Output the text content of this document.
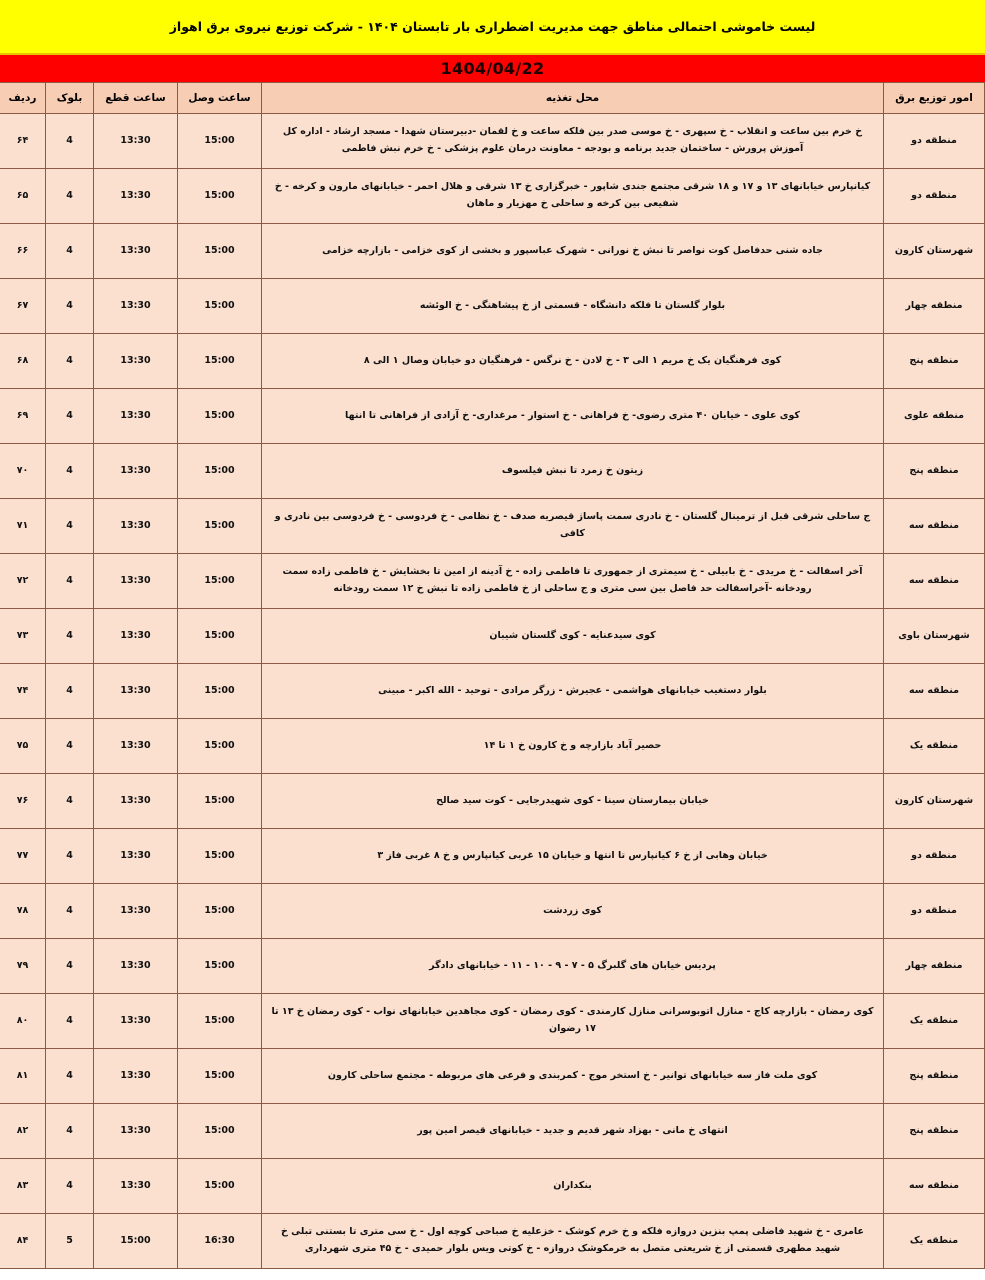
لیست خاموشی احتمالی مناطق جهت مدیریت اضطراری بار تابستان ۱۴۰۴ - شرکت توزیع نیروی برق اهواز
1404/04/22
امور توزیع برق	محل تغذیه	ساعت وصل	ساعت قطع	بلوک	ردیف
منطقه دو	خ خرم بین ساعت و انقلاب - خ سپهری - خ موسی صدر بین فلکه ساعت و خ لقمان -دبیرستان شهدا - مسجد ارشاد - اداره کل آموزش پرورش - ساختمان جدید برنامه و بودجه - معاونت درمان علوم پزشکی - خ خرم نبش فاطمی	15:00	13:30	4	۶۴
منطقه دو	کیانپارس خیابانهای ۱۳ و ۱۷ و ۱۸ شرقی مجتمع جندی شاپور - خبرگزاری خ ۱۳ شرقی و هلال احمر - خیابانهای مارون و کرخه - خ شفیعی بین کرخه و ساحلی خ مهزیار و ماهان	15:00	13:30	4	۶۵
شهرستان کارون	جاده شنی حدفاصل کوت نواصر تا نبش خ نورانی - شهرک عباسپور و بخشی از کوی خزامی - بازارچه خزامی	15:00	13:30	4	۶۶
منطقه چهار	بلوار گلستان تا فلکه دانشگاه - قسمتی از خ پیشاهنگی - خ الوئشه	15:00	13:30	4	۶۷
منطقه پنج	کوی فرهنگیان یک خ مریم ۱ الی ۳ - خ لادن - خ نرگس - فرهنگیان دو خیابان وصال ۱ الی ۸	15:00	13:30	4	۶۸
منطقه علوی	کوی علوی - خیابان ۴۰ متری رضوی- خ فراهانی - خ استوار - مرغداری- خ آزادی از فراهانی تا انتها	15:00	13:30	4	۶۹
منطقه پنج	زیتون خ زمرد تا نبش فیلسوف	15:00	13:30	4	۷۰
منطقه سه	ج ساحلی شرقی قبل از ترمینال گلستان - خ نادری سمت پاساژ قیصریه صدف - خ نظامی - خ فردوسی - خ فردوسی بین نادری و کافی	15:00	13:30	4	۷۱
منطقه سه	آخر اسفالت - خ مریدی - خ بابیلی - خ سیمتری از جمهوری تا فاطمی زاده - خ آدینه از امین تا بخشایش - خ فاطمی زاده سمت رودخانه -آخراسفالت حد فاصل بین سی متری و ج ساحلی از خ فاطمی زاده تا نبش خ ۱۲ سمت رودخانه	15:00	13:30	4	۷۲
شهرستان باوی	کوی سیدعنایه - کوی گلستان شیبان	15:00	13:30	4	۷۳
منطقه سه	بلوار دستغیب خیابانهای هواشمی - عجیرش - زرگر مرادی - توحید - الله اکبر - مبینی	15:00	13:30	4	۷۴
منطقه یک	حصیر آباد بازارچه و خ کارون خ ۱ تا ۱۴	15:00	13:30	4	۷۵
شهرستان کارون	خیابان بیمارستان سینا - کوی شهیدرجایی - کوت سید صالح	15:00	13:30	4	۷۶
منطقه دو	خیابان وهابی از خ ۶ کیانپارس تا انتها و خیابان ۱۵ غربی کیانپارس و خ ۸ غربی فاز ۳	15:00	13:30	4	۷۷
منطقه دو	کوی زردشت	15:00	13:30	4	۷۸
منطقه چهار	پردیس خیابان های گلبرگ ۵ - ۷ - ۹ - ۱۰ - ۱۱ - خیابانهای دادگر	15:00	13:30	4	۷۹
منطقه یک	کوی رمضان - بازارچه کاج - منازل اتوبوسرانی منازل کارمندی - کوی رمضان - کوی مجاهدین خیابانهای نواب - کوی رمضان خ ۱۳ تا ۱۷ رضوان	15:00	13:30	4	۸۰
منطقه پنج	کوی ملت فاز سه خیابانهای توانیر - خ استخر موج - کمربندی و فرعی های مربوطه - مجتمع ساحلی کارون	15:00	13:30	4	۸۱
منطقه پنج	انتهای خ مانی - بهزاد شهر قدیم و جدید - خیابانهای قیصر امین پور	15:00	13:30	4	۸۲
منطقه سه	بنکداران	15:00	13:30	4	۸۳
منطقه یک	عامری - خ شهید فاضلی پمپ بنزین دروازه فلکه و خ خرم کوشک - خزعلیه خ صباحی کوچه اول - خ سی متری تا بستنی تبلی خ شهید مطهری قسمتی از خ شریعتی متصل به خرمکوشک دروازه - خ کوتی ویس بلوار حمیدی - خ ۴۵ متری شهرداری	16:30	15:00	5	۸۴
